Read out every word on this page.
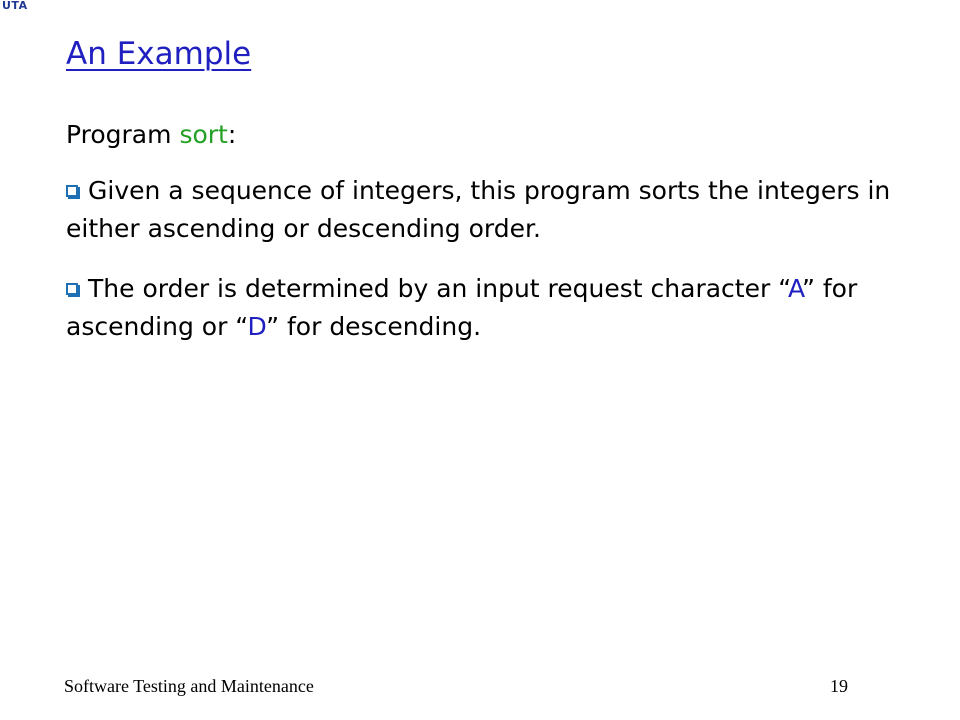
UTA
An Example
Program sort:
Given a sequence of integers, this program sorts the integers in either ascending or descending order.
The order is determined by an input request character “A” for ascending or “D” for descending.
Software Testing and Maintenance	19
